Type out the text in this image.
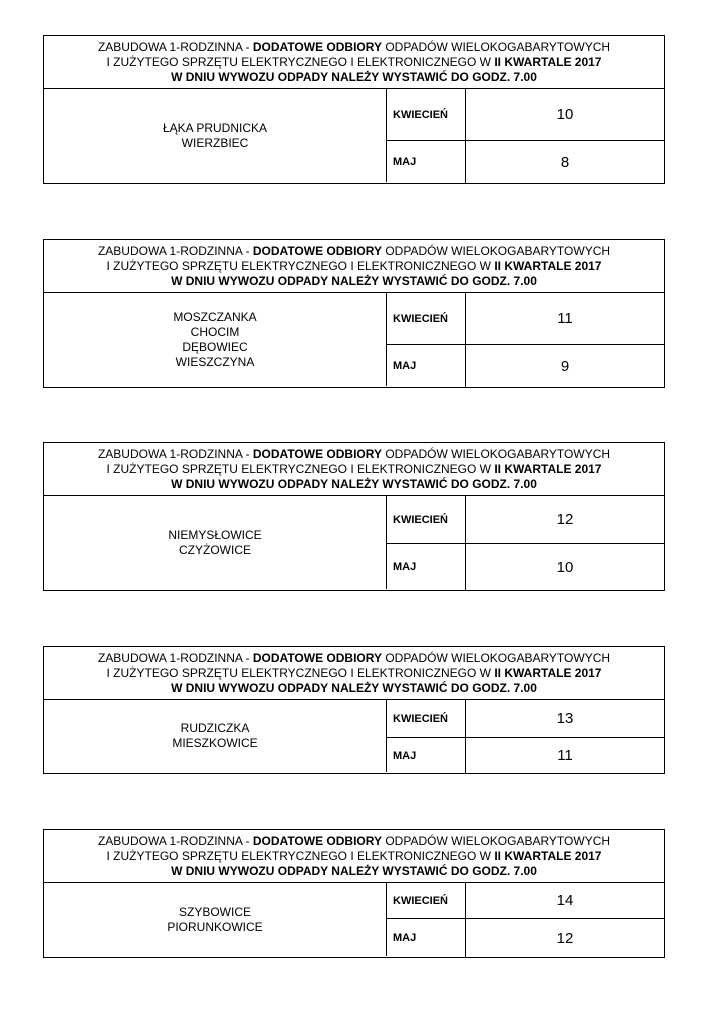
ZABUDOWA 1-RODZINNA - DODATOWE ODBIORY ODPADÓW WIELOKOGABARYTOWYCH
I ZUŻYTEGO SPRZĘTU ELEKTRYCZNEGO I ELEKTRONICZNEGO W II KWARTALE 2017
W DNIU WYWOZU ODPADY NALEŻY WYSTAWIĆ DO GODZ. 7.00
ŁĄKA PRUDNICKA
WIERZBIEC
KWIECIEŃ	10
MAJ	8
ZABUDOWA 1-RODZINNA - DODATOWE ODBIORY ODPADÓW WIELOKOGABARYTOWYCH
I ZUŻYTEGO SPRZĘTU ELEKTRYCZNEGO I ELEKTRONICZNEGO W II KWARTALE 2017
W DNIU WYWOZU ODPADY NALEŻY WYSTAWIĆ DO GODZ. 7.00
MOSZCZANKA
CHOCIM
DĘBOWIEC
WIESZCZYNA
KWIECIEŃ	11
MAJ	9
ZABUDOWA 1-RODZINNA - DODATOWE ODBIORY ODPADÓW WIELOKOGABARYTOWYCH
I ZUŻYTEGO SPRZĘTU ELEKTRYCZNEGO I ELEKTRONICZNEGO W II KWARTALE 2017
W DNIU WYWOZU ODPADY NALEŻY WYSTAWIĆ DO GODZ. 7.00
NIEMYSŁOWICE
CZYŻOWICE
KWIECIEŃ	12
MAJ	10
ZABUDOWA 1-RODZINNA - DODATOWE ODBIORY ODPADÓW WIELOKOGABARYTOWYCH
I ZUŻYTEGO SPRZĘTU ELEKTRYCZNEGO I ELEKTRONICZNEGO W II KWARTALE 2017
W DNIU WYWOZU ODPADY NALEŻY WYSTAWIĆ DO GODZ. 7.00
RUDZICZKA
MIESZKOWICE
KWIECIEŃ	13
MAJ	11
ZABUDOWA 1-RODZINNA - DODATOWE ODBIORY ODPADÓW WIELOKOGABARYTOWYCH
I ZUŻYTEGO SPRZĘTU ELEKTRYCZNEGO I ELEKTRONICZNEGO W II KWARTALE 2017
W DNIU WYWOZU ODPADY NALEŻY WYSTAWIĆ DO GODZ. 7.00
SZYBOWICE
PIORUNKOWICE
KWIECIEŃ	14
MAJ	12
